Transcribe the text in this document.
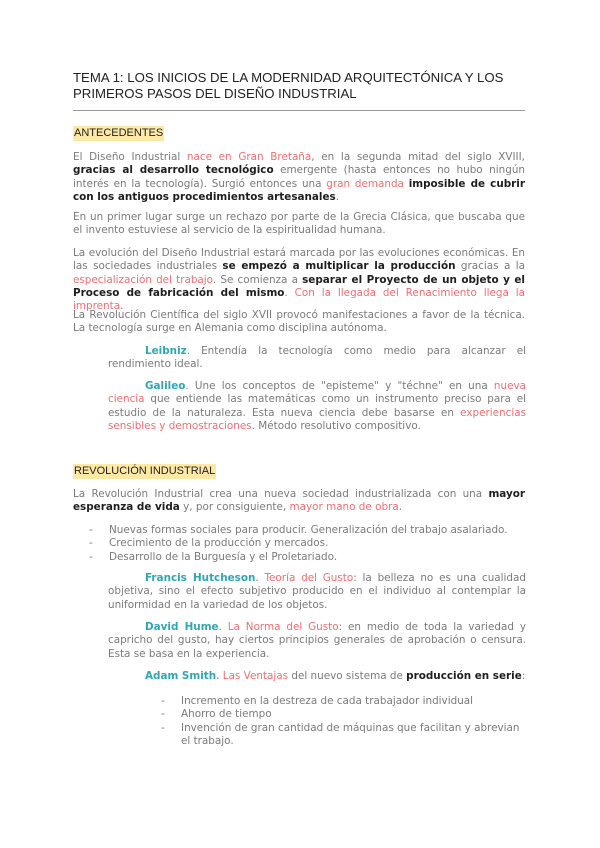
TEMA 1: LOS INICIOS DE LA MODERNIDAD ARQUITECTÓNICA Y LOS PRIMEROS PASOS DEL DISEÑO INDUSTRIAL
ANTECEDENTES
El Diseño Industrial nace en Gran Bretaña, en la segunda mitad del siglo XVIII, gracias al desarrollo tecnológico emergente (hasta entonces no hubo ningún interés en la tecnología). Surgió entonces una gran demanda imposible de cubrir con los antiguos procedimientos artesanales.
En un primer lugar surge un rechazo por parte de la Grecia Clásica, que buscaba que el invento estuviese al servicio de la espiritualidad humana.
La evolución del Diseño Industrial estará marcada por las evoluciones económicas. En las sociedades industriales se empezó a multiplicar la producción gracias a la especialización del trabajo. Se comienza a separar el Proyecto de un objeto y el Proceso de fabricación del mismo. Con la llegada del Renacimiento llega la imprenta.
La Revolución Científica del siglo XVII provocó manifestaciones a favor de la técnica. La tecnología surge en Alemania como disciplina autónoma.
Leibniz. Entendía la tecnología como medio para alcanzar el rendimiento ideal.
Galileo. Une los conceptos de "episteme" y "téchne" en una nueva ciencia que entiende las matemáticas como un instrumento preciso para el estudio de la naturaleza. Esta nueva ciencia debe basarse en experiencias sensibles y demostraciones. Método resolutivo compositivo.
REVOLUCIÓN INDUSTRIAL
La Revolución Industrial crea una nueva sociedad industrializada con una mayor esperanza de vida y, por consiguiente, mayor mano de obra.
- Nuevas formas sociales para producir. Generalización del trabajo asalariado.
- Crecimiento de la producción y mercados.
- Desarrollo de la Burguesía y el Proletariado.
Francis Hutcheson. Teoría del Gusto: la belleza no es una cualidad objetiva, sino el efecto subjetivo producido en el individuo al contemplar la uniformidad en la variedad de los objetos.
David Hume. La Norma del Gusto: en medio de toda la variedad y capricho del gusto, hay ciertos principios generales de aprobación o censura. Esta se basa en la experiencia.
Adam Smith. Las Ventajas del nuevo sistema de producción en serie:
- Incremento en la destreza de cada trabajador individual
- Ahorro de tiempo
- Invención de gran cantidad de máquinas que facilitan y abrevian el trabajo.
